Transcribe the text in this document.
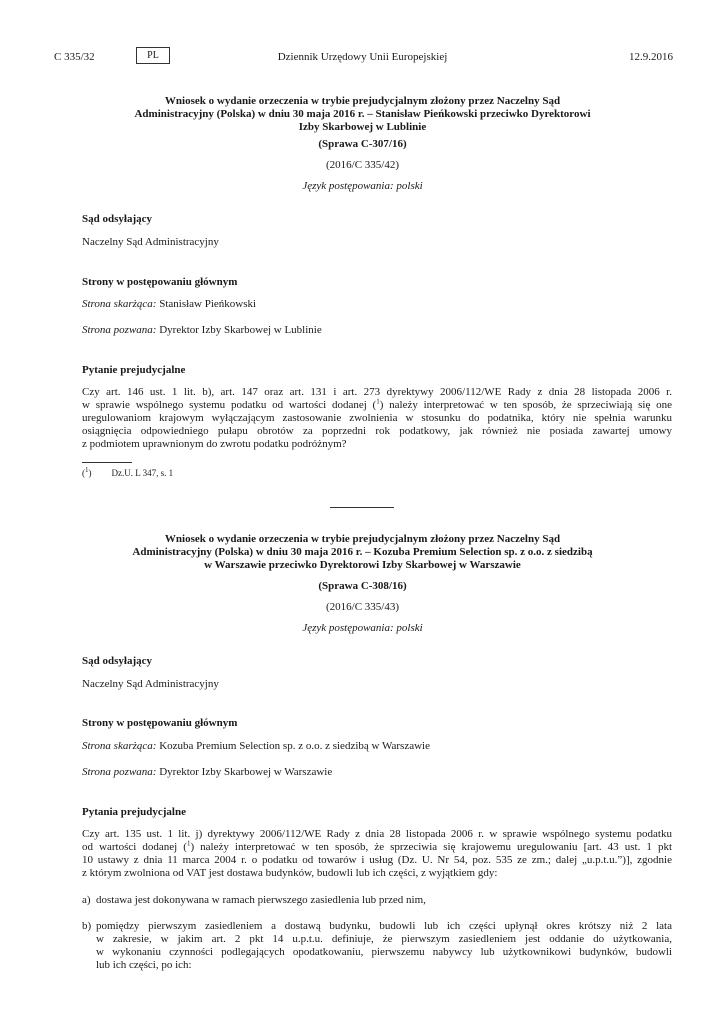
C 335/32	PL	Dziennik Urzędowy Unii Europejskiej	12.9.2016
Wniosek o wydanie orzeczenia w trybie prejudycjalnym złożony przez Naczelny Sąd
Administracyjny (Polska) w dniu 30 maja 2016 r. – Stanisław Pieńkowski przeciwko Dyrektorowi
Izby Skarbowej w Lublinie
(Sprawa C-307/16)
(2016/C 335/42)
Język postępowania: polski
Sąd odsyłający
Naczelny Sąd Administracyjny
Strony w postępowaniu głównym
Strona skarżąca: Stanisław Pieńkowski
Strona pozwana: Dyrektor Izby Skarbowej w Lublinie
Pytanie prejudycjalne
Czy art. 146 ust. 1 lit. b), art. 147 oraz art. 131 i art. 273 dyrektywy 2006/112/WE Rady z dnia 28 listopada 2006 r.
w sprawie wspólnego systemu podatku od wartości dodanej ($^1$) należy interpretować w ten sposób, że sprzeciwiają się one
uregulowaniom krajowym wyłączającym zastosowanie zwolnienia w stosunku do podatnika, który nie spełnia warunku
osiągnięcia odpowiedniego pułapu obrotów za poprzedni rok podatkowy, jak również nie posiada zawartej umowy
z podmiotem uprawnionym do zwrotu podatku podróżnym?
($^1$) Dz.U. L 347, s. 1
Wniosek o wydanie orzeczenia w trybie prejudycjalnym złożony przez Naczelny Sąd
Administracyjny (Polska) w dniu 30 maja 2016 r. – Kozuba Premium Selection sp. z o.o. z siedzibą
w Warszawie przeciwko Dyrektorowi Izby Skarbowej w Warszawie
(Sprawa C-308/16)
(2016/C 335/43)
Język postępowania: polski
Sąd odsyłający
Naczelny Sąd Administracyjny
Strony w postępowaniu głównym
Strona skarżąca: Kozuba Premium Selection sp. z o.o. z siedzibą w Warszawie
Strona pozwana: Dyrektor Izby Skarbowej w Warszawie
Pytania prejudycjalne
Czy art. 135 ust. 1 lit. j) dyrektywy 2006/112/WE Rady z dnia 28 listopada 2006 r. w sprawie wspólnego systemu podatku
od wartości dodanej ($^1$) należy interpretować w ten sposób, że sprzeciwia się krajowemu uregulowaniu [art. 43 ust. 1 pkt
10 ustawy z dnia 11 marca 2004 r. o podatku od towarów i usług (Dz. U. Nr 54, poz. 535 ze zm.; dalej „u.p.t.u.”)], zgodnie
z którym zwolniona od VAT jest dostawa budynków, budowli lub ich części, z wyjątkiem gdy:
a) dostawa jest dokonywana w ramach pierwszego zasiedlenia lub przed nim,
b) pomiędzy pierwszym zasiedleniem a dostawą budynku, budowli lub ich części upłynął okres krótszy niż 2 lata
w zakresie, w jakim art. 2 pkt 14 u.p.t.u. definiuje, że pierwszym zasiedleniem jest oddanie do użytkowania,
w wykonaniu czynności podlegających opodatkowaniu, pierwszemu nabywcy lub użytkownikowi budynków, budowli
lub ich części, po ich:
